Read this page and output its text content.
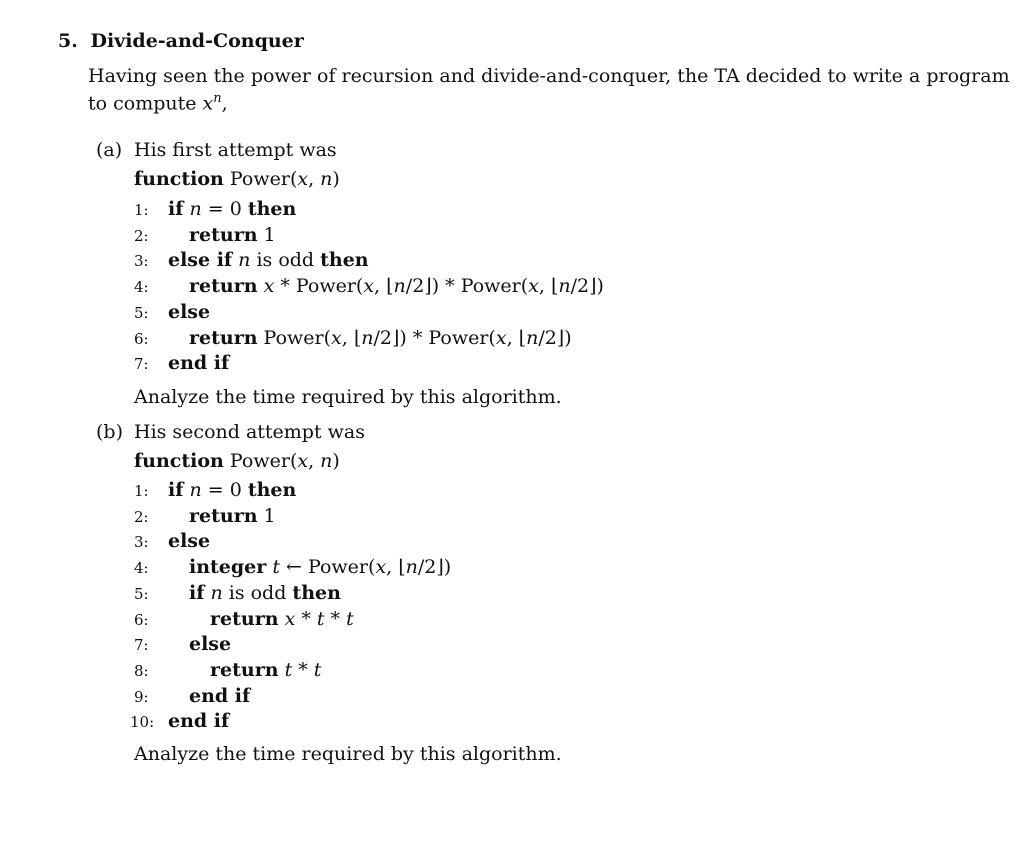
5. Divide-and-Conquer
Having seen the power of recursion and divide-and-conquer, the TA decided to write a program
to compute $x^n$,
(a) His first attempt was
function Power(x, n)
1: if n = 0 then
2: return 1
3: else if n is odd then
4: return x * Power(x, ⌊n/2⌋) * Power(x, ⌊n/2⌋)
5: else
6: return Power(x, ⌊n/2⌋) * Power(x, ⌊n/2⌋)
7: end if
Analyze the time required by this algorithm.
(b) His second attempt was
function Power(x, n)
1: if n = 0 then
2: return 1
3: else
4: integer t ← Power(x, ⌊n/2⌋)
5: if n is odd then
6:	return x * t * t
7: else
8:	return t * t
9: end if
10: end if
Analyze the time required by this algorithm.
